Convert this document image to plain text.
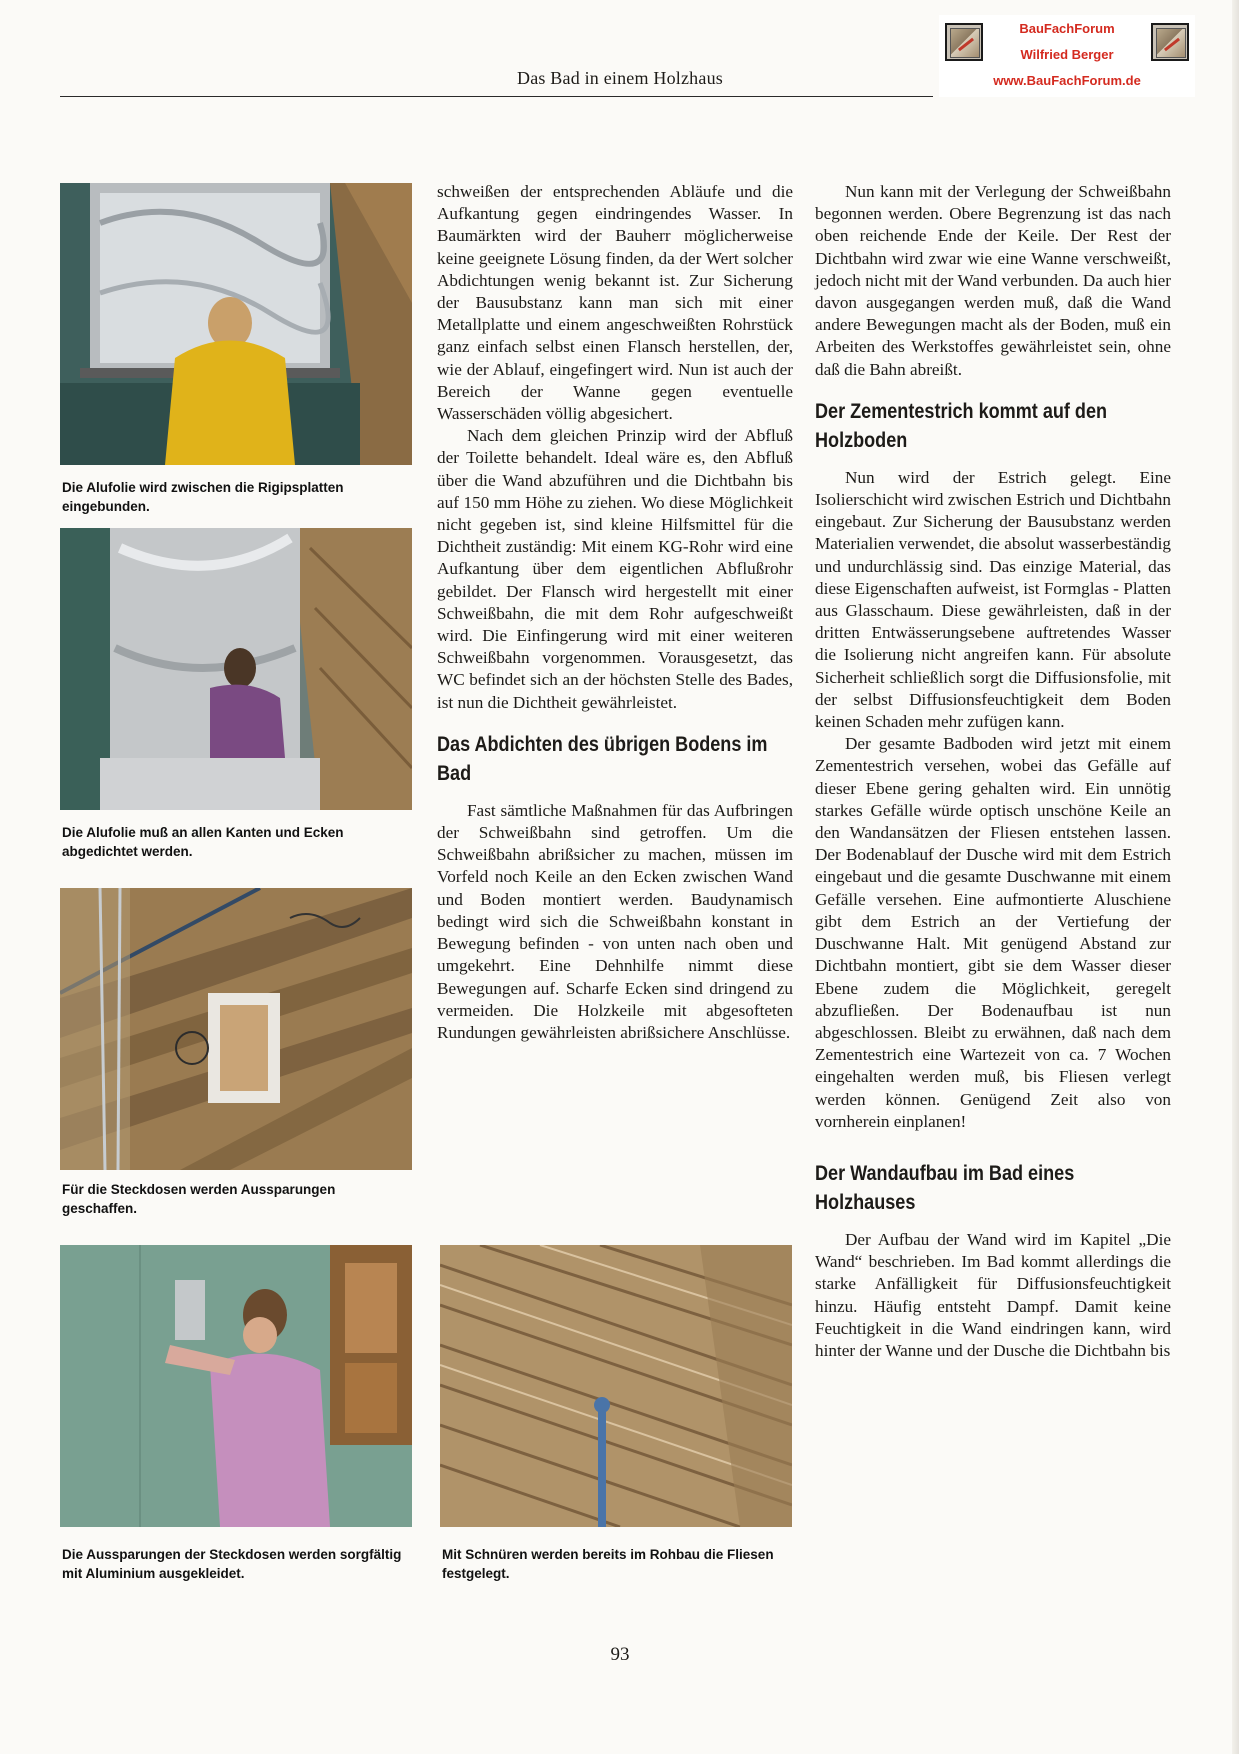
Das Bad in einem Holzhaus
BauFachForum
Wilfried Berger
www.BauFachForum.de
Die Alufolie wird zwischen die Rigipsplatten eingebunden.
Die Alufolie muß an allen Kanten und Ecken abgedichtet werden.
Für die Steckdosen werden Aussparungen geschaffen.
Die Aussparungen der Steckdosen werden sorgfältig mit Aluminium ausgekleidet.

schweißen der entsprechenden Abläufe und die Aufkantung gegen eindringendes Wasser. In Baumärkten wird der Bauherr möglicherweise keine geeignete Lösung finden, da der Wert solcher Abdichtungen wenig bekannt ist. Zur Sicherung der Bausubstanz kann man sich mit einer Metallplatte und einem angeschweißten Rohrstück ganz einfach selbst einen Flansch herstellen, der, wie der Ablauf, eingefingert wird. Nun ist auch der Bereich der Wanne gegen eventuelle Wasserschäden völlig abgesichert.

Nach dem gleichen Prinzip wird der Abfluß der Toilette behandelt. Ideal wäre es, den Abfluß über die Wand abzuführen und die Dichtbahn bis auf 150 mm Höhe zu ziehen. Wo diese Möglichkeit nicht gegeben ist, sind kleine Hilfsmittel für die Dichtheit zuständig: Mit einem KG-Rohr wird eine Aufkantung über dem eigentlichen Abflußrohr gebildet. Der Flansch wird hergestellt mit einer Schweißbahn, die mit dem Rohr aufgeschweißt wird. Die Einfingerung wird mit einer weiteren Schweißbahn vorgenommen. Vorausgesetzt, das WC befindet sich an der höchsten Stelle des Bades, ist nun die Dichtheit gewährleistet.

Das Abdichten des übrigen Bodens im Bad

Fast sämtliche Maßnahmen für das Aufbringen der Schweißbahn sind getroffen. Um die Schweißbahn abrißsicher zu machen, müssen im Vorfeld noch Keile an den Ecken zwischen Wand und Boden montiert werden. Baudynamisch bedingt wird sich die Schweißbahn konstant in Bewegung befinden - von unten nach oben und umgekehrt. Eine Dehnhilfe nimmt diese Bewegungen auf. Scharfe Ecken sind dringend zu vermeiden. Die Holzkeile mit abgesofteten Rundungen gewährleisten abrißsichere Anschlüsse.

Mit Schnüren werden bereits im Rohbau die Fliesen festgelegt.

Nun kann mit der Verlegung der Schweißbahn begonnen werden. Obere Begrenzung ist das nach oben reichende Ende der Keile. Der Rest der Dichtbahn wird zwar wie eine Wanne verschweißt, jedoch nicht mit der Wand verbunden. Da auch hier davon ausgegangen werden muß, daß die Wand andere Bewegungen macht als der Boden, muß ein Arbeiten des Werkstoffes gewährleistet sein, ohne daß die Bahn abreißt.

Der Zementestrich kommt auf den Holzboden

Nun wird der Estrich gelegt. Eine Isolierschicht wird zwischen Estrich und Dichtbahn eingebaut. Zur Sicherung der Bausubstanz werden Materialien verwendet, die absolut wasserbeständig und undurchlässig sind. Das einzige Material, das diese Eigenschaften aufweist, ist Formglas - Platten aus Glasschaum. Diese gewährleisten, daß in der dritten Entwässerungsebene auftretendes Wasser die Isolierung nicht angreifen kann. Für absolute Sicherheit schließlich sorgt die Diffusionsfolie, mit der selbst Diffusionsfeuchtigkeit dem Boden keinen Schaden mehr zufügen kann.

Der gesamte Badboden wird jetzt mit einem Zementestrich versehen, wobei das Gefälle auf dieser Ebene gering gehalten wird. Ein unnötig starkes Gefälle würde optisch unschöne Keile an den Wandansätzen der Fliesen entstehen lassen. Der Bodenablauf der Dusche wird mit dem Estrich eingebaut und die gesamte Duschwanne mit einem Gefälle versehen. Eine aufmontierte Aluschiene gibt dem Estrich an der Vertiefung der Duschwanne Halt. Mit genügend Abstand zur Dichtbahn montiert, gibt sie dem Wasser dieser Ebene zudem die Möglichkeit, geregelt abzufließen. Der Bodenaufbau ist nun abgeschlossen. Bleibt zu erwähnen, daß nach dem Zementestrich eine Wartezeit von ca. 7 Wochen eingehalten werden muß, bis Fliesen verlegt werden können. Genügend Zeit also von vornherein einplanen!

Der Wandaufbau im Bad eines Holzhauses

Der Aufbau der Wand wird im Kapitel „Die Wand“ beschrieben. Im Bad kommt allerdings die starke Anfälligkeit für Diffusionsfeuchtigkeit hinzu. Häufig entsteht Dampf. Damit keine Feuchtigkeit in die Wand eindringen kann, wird hinter der Wanne und der Dusche die Dichtbahn bis

93
